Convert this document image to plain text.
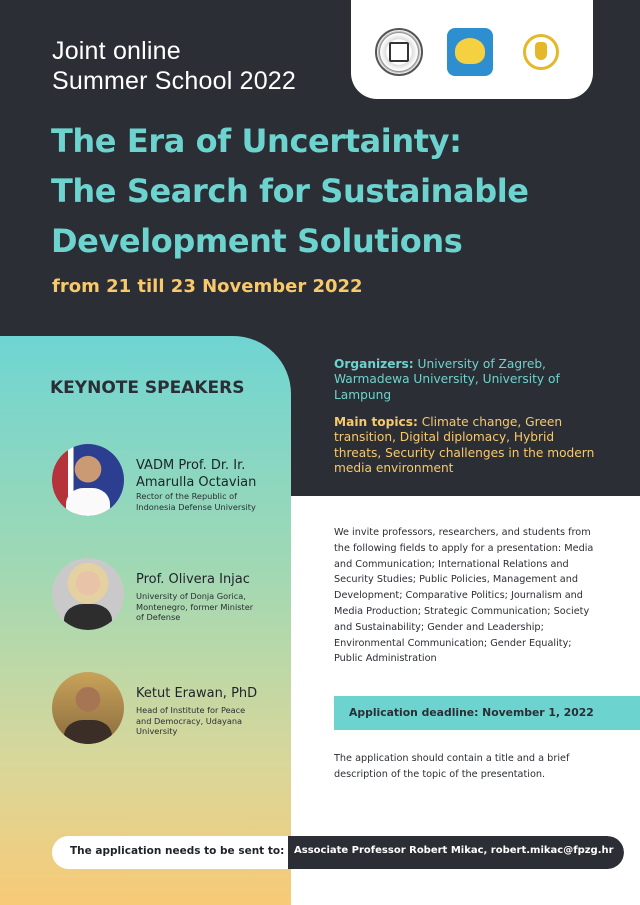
Joint online
Summer School 2022
The Era of Uncertainty:
The Search for Sustainable
Development Solutions
from 21 till 23 November 2022
KEYNOTE SPEAKERS
VADM Prof. Dr. Ir.
Amarulla Octavian
Rector of the Republic of
Indonesia Defense University
Prof. Olivera Injac
University of Donja Gorica,
Montenegro, former Minister
of Defense
Ketut Erawan, PhD
Head of Institute for Peace
and Democracy, Udayana
University
Organizers: University of Zagreb, Warmadewa University, University of Lampung
Main topics: Climate change, Green transition, Digital diplomacy, Hybrid threats, Security challenges in the modern media environment
We invite professors, researchers, and students from the following fields to apply for a presentation: Media and Communication; International Relations and Security Studies; Public Policies, Management and Development; Comparative Politics; Journalism and Media Production; Strategic Communication; Society and Sustainability; Gender and Leadership; Environmental Communication; Gender Equality; Public Administration
Application deadline: November 1, 2022
The application should contain a title and a brief description of the topic of the presentation.
The application needs to be sent to: Associate Professor Robert Mikac, robert.mikac@fpzg.hr
